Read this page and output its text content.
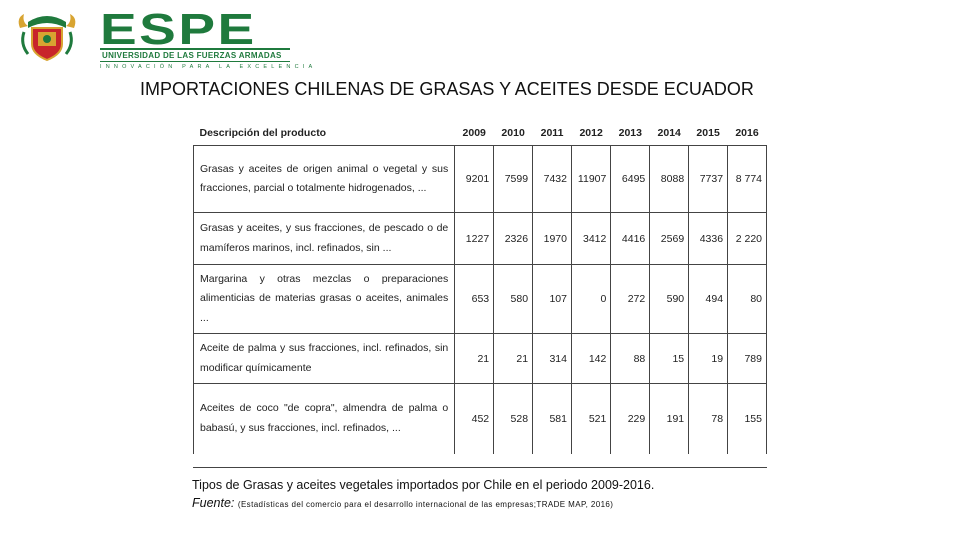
ESPE
UNIVERSIDAD DE LAS FUERZAS ARMADAS
INNOVACIÓN PARA LA EXCELENCIA
IMPORTACIONES CHILENAS DE GRASAS Y ACEITES DESDE ECUADOR
Descripción del producto	2009	2010	2011	2012	2013	2014	2015	2016
Grasas y aceites de origen animal o vegetal y sus fracciones, parcial o totalmente hidrogenados, ...	9201	7599	7432	11907	6495	8088	7737	8 774
Grasas y aceites, y sus fracciones, de pescado o de mamíferos marinos, incl. refinados, sin ...	1227	2326	1970	3412	4416	2569	4336	2 220
Margarina y otras mezclas o preparaciones alimenticias de materias grasas o aceites, animales ...	653	580	107	0	272	590	494	80
Aceite de palma y sus fracciones, incl. refinados, sin modificar químicamente	21	21	314	142	88	15	19	789
Aceites de coco "de copra", almendra de palma o babasú, y sus fracciones, incl. refinados, ...	452	528	581	521	229	191	78	155
Tipos de Grasas y aceites vegetales importados por Chile en el periodo 2009-2016.
Fuente: (Estadísticas del comercio para el desarrollo internacional de las empresas;TRADE MAP, 2016)
